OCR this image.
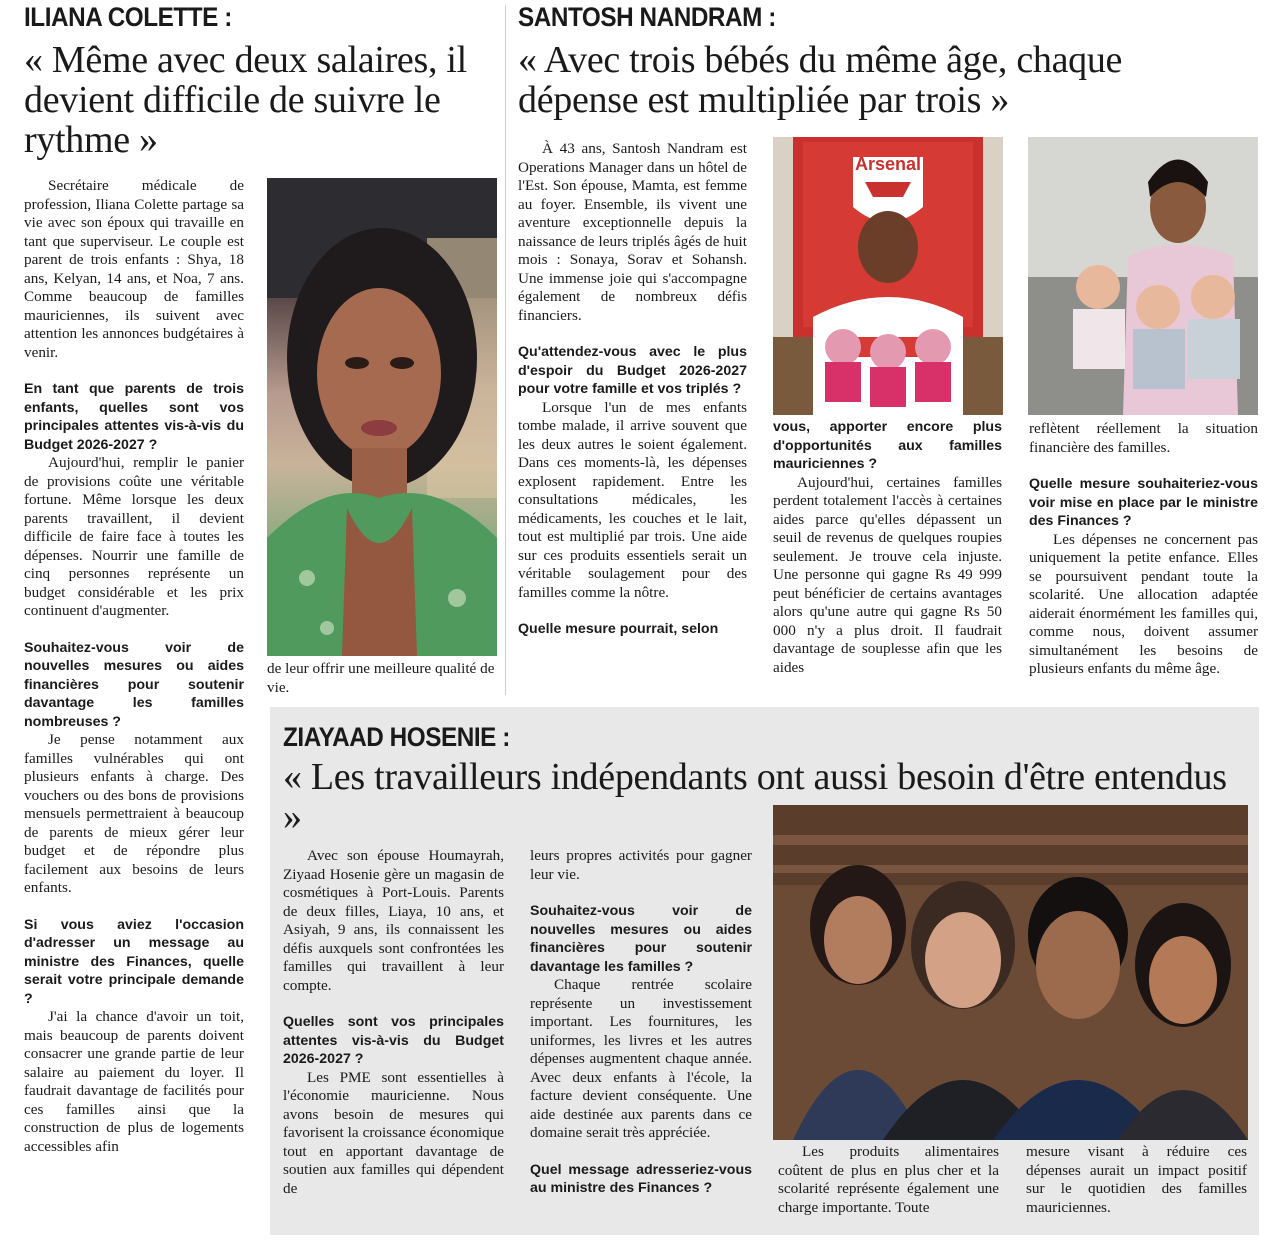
ILIANA COLETTE :
« Même avec deux salaires, il devient difficile de suivre le rythme »

Secrétaire médicale de profession, Iliana Colette partage sa vie avec son époux qui travaille en tant que superviseur. Le couple est parent de trois enfants : Shya, 18 ans, Kelyan, 14 ans, et Noa, 7 ans. Comme beaucoup de familles mauriciennes, ils suivent avec attention les annonces budgétaires à venir.

En tant que parents de trois enfants, quelles sont vos principales attentes vis-à-vis du Budget 2026-2027 ?

Aujourd'hui, remplir le panier de provisions coûte une véritable fortune. Même lorsque les deux parents travaillent, il devient difficile de faire face à toutes les dépenses. Nourrir une famille de cinq personnes représente un budget considérable et les prix continuent d'augmenter.

Souhaitez-vous voir de nouvelles mesures ou aides financières pour soutenir davantage les familles nombreuses ?

Je pense notamment aux familles vulnérables qui ont plusieurs enfants à charge. Des vouchers ou des bons de provisions mensuels permettraient à beaucoup de parents de mieux gérer leur budget et de répondre plus facilement aux besoins de leurs enfants.

Si vous aviez l'occasion d'adresser un message au ministre des Finances, quelle serait votre principale demande ?

J'ai la chance d'avoir un toit, mais beaucoup de parents doivent consacrer une grande partie de leur salaire au paiement du loyer. Il faudrait davantage de facilités pour ces familles ainsi que la construction de plus de logements accessibles afin

de leur offrir une meilleure qualité de vie.

SANTOSH NANDRAM :
« Avec trois bébés du même âge, chaque dépense est multipliée par trois »

À 43 ans, Santosh Nandram est Operations Manager dans un hôtel de l'Est. Son épouse, Mamta, est femme au foyer. Ensemble, ils vivent une aventure exceptionnelle depuis la naissance de leurs triplés âgés de huit mois : Sonaya, Sorav et Sohansh. Une immense joie qui s'accompagne également de nombreux défis financiers.

Qu'attendez-vous avec le plus d'espoir du Budget 2026-2027 pour votre famille et vos triplés ?

Lorsque l'un de mes enfants tombe malade, il arrive souvent que les deux autres le soient également. Dans ces moments-là, les dépenses explosent rapidement. Entre les consultations médicales, les médicaments, les couches et le lait, tout est multiplié par trois. Une aide sur ces produits essentiels serait un véritable soulagement pour des familles comme la nôtre.

Quelle mesure pourrait, selon
Arsenal
vous, apporter encore plus d'opportunités aux familles mauriciennes ?

Aujourd'hui, certaines familles perdent totalement l'accès à certaines aides parce qu'elles dépassent un seuil de revenus de quelques roupies seulement. Je trouve cela injuste. Une personne qui gagne Rs 49 999 peut bénéficier de certains avantages alors qu'une autre qui gagne Rs 50 000 n'y a plus droit. Il faudrait davantage de souplesse afin que les aides

reflètent réellement la situation financière des familles.

Quelle mesure souhaiteriez-vous voir mise en place par le ministre des Finances ?

Les dépenses ne concernent pas uniquement la petite enfance. Elles se poursuivent pendant toute la scolarité. Une allocation adaptée aiderait énormément les familles qui, comme nous, doivent assumer simultanément les besoins de plusieurs enfants du même âge.

ZIAYAAD HOSENIE :
« Les travailleurs indépendants ont aussi besoin d'être entendus »

Avec son épouse Houmayrah, Ziyaad Hosenie gère un magasin de cosmétiques à Port-Louis. Parents de deux filles, Liaya, 10 ans, et Asiyah, 9 ans, ils connaissent les défis auxquels sont confrontées les familles qui travaillent à leur compte.

Quelles sont vos principales attentes vis-à-vis du Budget 2026-2027 ?

Les PME sont essentielles à l'économie mauricienne. Nous avons besoin de mesures qui favorisent la croissance économique tout en apportant davantage de soutien aux familles qui dépendent de

leurs propres activités pour gagner leur vie.

Souhaitez-vous voir de nouvelles mesures ou aides financières pour soutenir davantage les familles ?

Chaque rentrée scolaire représente un investissement important. Les fournitures, les uniformes, les livres et les autres dépenses augmentent chaque année. Avec deux enfants à l'école, la facture devient conséquente. Une aide destinée aux parents dans ce domaine serait très appréciée.

Quel message adresseriez-vous au ministre des Finances ?

Les produits alimentaires coûtent de plus en plus cher et la scolarité représente également une charge importante. Toute

mesure visant à réduire ces dépenses aurait un impact positif sur le quotidien des familles mauriciennes.
